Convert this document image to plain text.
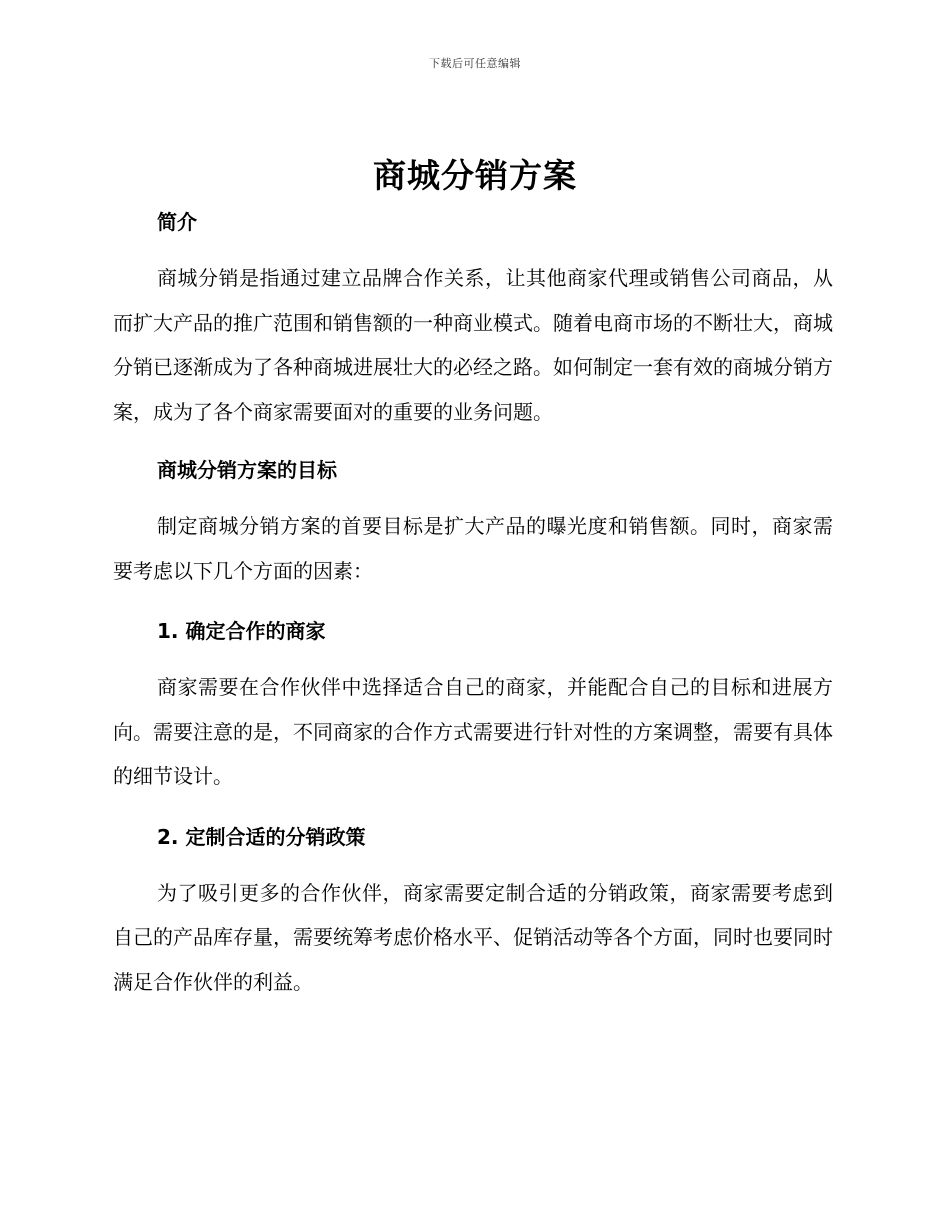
下载后可任意编辑
商城分销方案
简介

商城分销是指通过建立品牌合作关系，让其他商家代理或销售公司商品，从而扩大产品的推广范围和销售额的一种商业模式。随着电商市场的不断壮大，商城分销已逐渐成为了各种商城进展壮大的必经之路。如何制定一套有效的商城分销方案，成为了各个商家需要面对的重要的业务问题。

商城分销方案的目标

制定商城分销方案的首要目标是扩大产品的曝光度和销售额。同时，商家需要考虑以下几个方面的因素：

1. 确定合作的商家

商家需要在合作伙伴中选择适合自己的商家，并能配合自己的目标和进展方向。需要注意的是，不同商家的合作方式需要进行针对性的方案调整，需要有具体的细节设计。

2. 定制合适的分销政策

为了吸引更多的合作伙伴，商家需要定制合适的分销政策，商家需要考虑到自己的产品库存量，需要统筹考虑价格水平、促销活动等各个方面，同时也要同时满足合作伙伴的利益。
